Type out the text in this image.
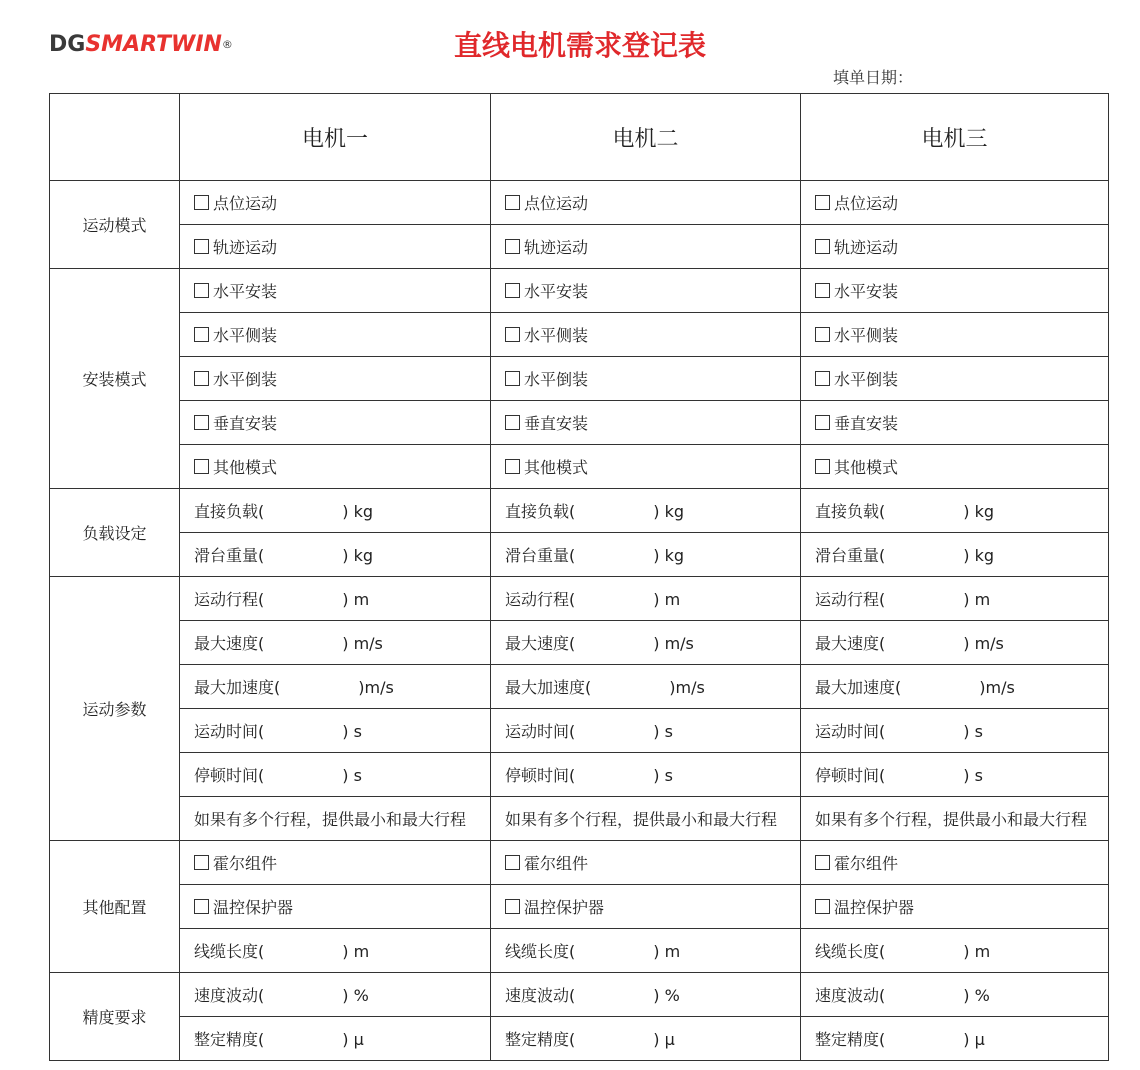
DGSMARTWIN®	直线电机需求登记表
填单日期：
	电机一	电机二	电机三
运动模式	点位运动	点位运动	点位运动
	轨迹运动	轨迹运动	轨迹运动
安装模式	水平安装	水平安装	水平安装
	水平侧装	水平侧装	水平侧装
	水平倒装	水平倒装	水平倒装
	垂直安装	垂直安装	垂直安装
	其他模式	其他模式	其他模式
负载设定	直接负载( ) kg	直接负载( ) kg	直接负载( ) kg
	滑台重量( ) kg	滑台重量( ) kg	滑台重量( ) kg
运动参数	运动行程( ) m	运动行程( ) m	运动行程( ) m
	最大速度( ) m/s	最大速度( ) m/s	最大速度( ) m/s
	最大加速度( )m/s	最大加速度( )m/s	最大加速度( )m/s
	运动时间( ) s	运动时间( ) s	运动时间( ) s
	停顿时间( ) s	停顿时间( ) s	停顿时间( ) s
	如果有多个行程，提供最小和最大行程	如果有多个行程，提供最小和最大行程	如果有多个行程，提供最小和最大行程
其他配置	霍尔组件	霍尔组件	霍尔组件
	温控保护器	温控保护器	温控保护器
	线缆长度( ) m	线缆长度( ) m	线缆长度( ) m
精度要求	速度波动( ) %	速度波动( ) %	速度波动( ) %
	整定精度( ) μ	整定精度( ) μ	整定精度( ) μ
